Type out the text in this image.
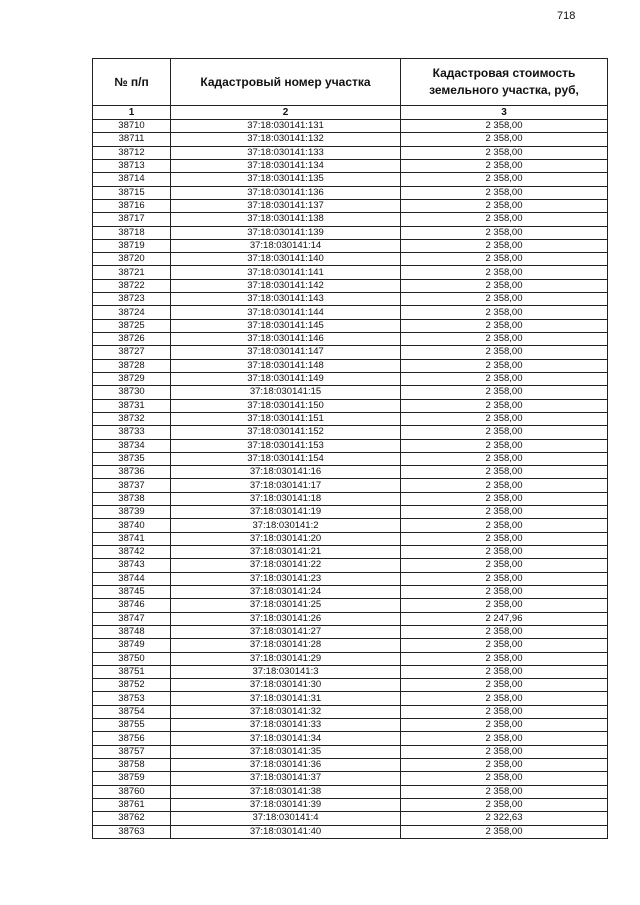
718
№ п/п	Кадастровый номер участка	Кадастровая стоимость земельного участка, руб,
1	2	3
38710	37:18:030141:131	2 358,00
38711	37:18:030141:132	2 358,00
38712	37:18:030141:133	2 358,00
38713	37:18:030141:134	2 358,00
38714	37:18:030141:135	2 358,00
38715	37:18:030141:136	2 358,00
38716	37:18:030141:137	2 358,00
38717	37:18:030141:138	2 358,00
38718	37:18:030141:139	2 358,00
38719	37:18:030141:14	2 358,00
38720	37:18:030141:140	2 358,00
38721	37:18:030141:141	2 358,00
38722	37:18:030141:142	2 358,00
38723	37:18:030141:143	2 358,00
38724	37:18:030141:144	2 358,00
38725	37:18:030141:145	2 358,00
38726	37:18:030141:146	2 358,00
38727	37:18:030141:147	2 358,00
38728	37:18:030141:148	2 358,00
38729	37:18:030141:149	2 358,00
38730	37:18:030141:15	2 358,00
38731	37:18:030141:150	2 358,00
38732	37:18:030141:151	2 358,00
38733	37:18:030141:152	2 358,00
38734	37:18:030141:153	2 358,00
38735	37:18:030141:154	2 358,00
38736	37:18:030141:16	2 358,00
38737	37:18:030141:17	2 358,00
38738	37:18:030141:18	2 358,00
38739	37:18:030141:19	2 358,00
38740	37:18:030141:2	2 358,00
38741	37:18:030141:20	2 358,00
38742	37:18:030141:21	2 358,00
38743	37:18:030141:22	2 358,00
38744	37:18:030141:23	2 358,00
38745	37:18:030141:24	2 358,00
38746	37:18:030141:25	2 358,00
38747	37:18:030141:26	2 247,96
38748	37:18:030141:27	2 358,00
38749	37:18:030141:28	2 358,00
38750	37:18:030141:29	2 358,00
38751	37:18:030141:3	2 358,00
38752	37:18:030141:30	2 358,00
38753	37:18:030141:31	2 358,00
38754	37:18:030141:32	2 358,00
38755	37:18:030141:33	2 358,00
38756	37:18:030141:34	2 358,00
38757	37:18:030141:35	2 358,00
38758	37:18:030141:36	2 358,00
38759	37:18:030141:37	2 358,00
38760	37:18:030141:38	2 358,00
38761	37:18:030141:39	2 358,00
38762	37:18:030141:4	2 322,63
38763	37:18:030141:40	2 358,00
